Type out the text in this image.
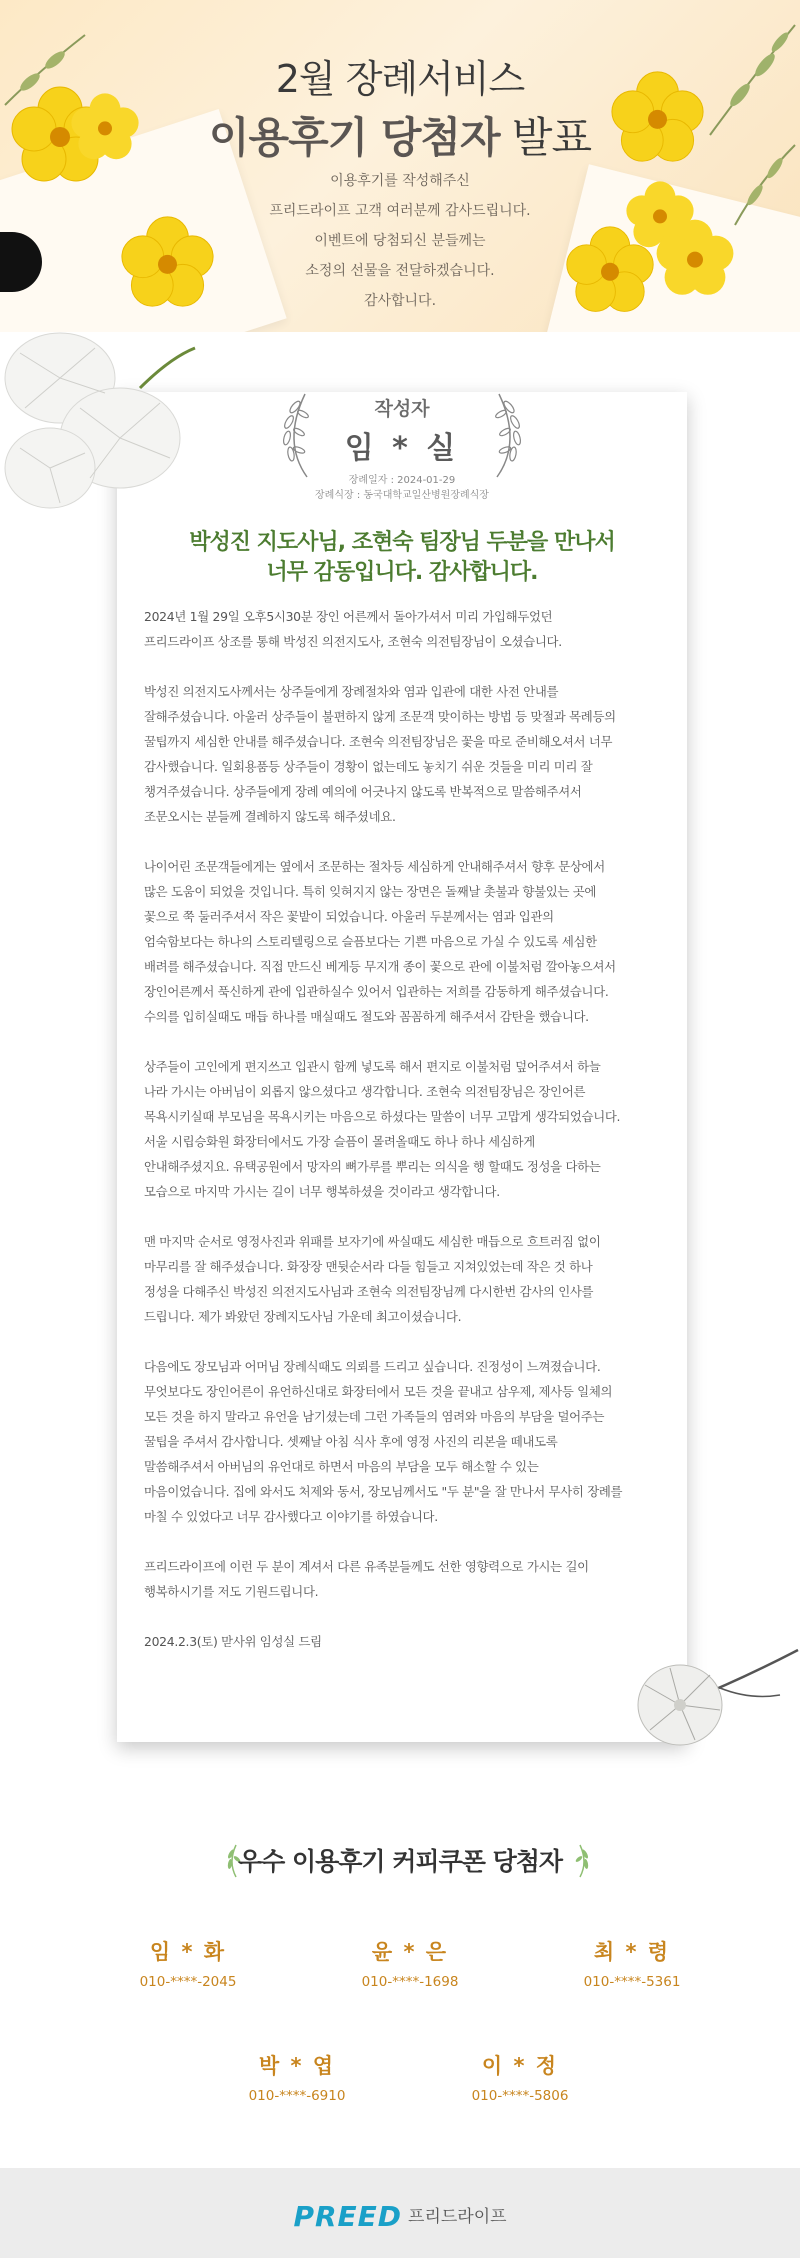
2월 장례서비스
이용후기 당첨자 발표
이용후기를 작성해주신
프리드라이프 고객 여러분께 감사드립니다.
이벤트에 당첨되신 분들께는
소정의 선물을 전달하겠습니다.
감사합니다.
작성자
임 * 실
장례일자 : 2024-01-29
장례식장 : 동국대학교일산병원장례식장
박성진 지도사님, 조현숙 팀장님 두분을 만나서
너무 감동입니다. 감사합니다.

2024년 1월 29일 오후5시30분 장인 어른께서 돌아가셔서 미리 가입해두었던
프리드라이프 상조를 통해 박성진 의전지도사, 조현숙 의전팀장님이 오셨습니다.

박성진 의전지도사께서는 상주들에게 장례절차와 염과 입관에 대한 사전 안내를
잘해주셨습니다. 아울러 상주들이 불편하지 않게 조문객 맞이하는 방법 등 맞절과 목례등의
꿀팁까지 세심한 안내를 해주셨습니다. 조현숙 의전팀장님은 꽃을 따로 준비해오셔서 너무
감사했습니다. 일회용품등 상주들이 경황이 없는데도 놓치기 쉬운 것들을 미리 미리 잘
챙겨주셨습니다. 상주들에게 장례 예의에 어긋나지 않도록 반복적으로 말씀해주셔서
조문오시는 분들께 결례하지 않도록 해주셨네요.

나이어린 조문객들에게는 옆에서 조문하는 절차등 세심하게 안내해주셔서 향후 문상에서
많은 도움이 되었을 것입니다. 특히 잊혀지지 않는 장면은 돌째날 촛불과 향불있는 곳에
꽃으로 쭉 둘러주셔서 작은 꽃밭이 되었습니다. 아울러 두분께서는 염과 입관의
엄숙함보다는 하나의 스토리텔링으로 슬픔보다는 기쁜 마음으로 가실 수 있도록 세심한
배려를 해주셨습니다. 직접 만드신 베게등 무지개 종이 꽃으로 관에 이불처럼 깔아놓으셔서
장인어른께서 푹신하게 관에 입관하실수 있어서 입관하는 저희를 감동하게 해주셨습니다.
수의를 입히실때도 매듭 하나를 매실때도 절도와 꼼꼼하게 해주셔서 감탄을 했습니다.

상주들이 고인에게 편지쓰고 입관시 함께 넣도록 해서 편지로 이불처럼 덮어주셔서 하늘
나라 가시는 아버님이 외롭지 않으셨다고 생각합니다. 조현숙 의전팀장님은 장인어른
목욕시키실때 부모님을 목욕시키는 마음으로 하셨다는 말씀이 너무 고맙게 생각되었습니다.
서울 시립승화원 화장터에서도 가장 슬픔이 몰려올때도 하나 하나 세심하게
안내해주셨지요. 유택공원에서 망자의 뼈가루를 뿌리는 의식을 행 할때도 정성을 다하는
모습으로 마지막 가시는 길이 너무 행복하셨을 것이라고 생각합니다.

맨 마지막 순서로 영정사진과 위패를 보자기에 싸실때도 세심한 매듭으로 흐트러짐 없이
마무리를 잘 해주셨습니다. 화장장 맨뒷순서라 다들 힘들고 지쳐있었는데 작은 것 하나
정성을 다해주신 박성진 의전지도사님과 조현숙 의전팀장님께 다시한번 감사의 인사를
드립니다. 제가 봐왔던 장례지도사님 가운데 최고이셨습니다.

다음에도 장모님과 어머님 장례식때도 의뢰를 드리고 싶습니다. 진정성이 느껴졌습니다.
무엇보다도 장인어른이 유언하신대로 화장터에서 모든 것을 끝내고 삼우제, 제사등 일체의
모든 것을 하지 말라고 유언을 남기셨는데 그런 가족들의 염려와 마음의 부담을 덜어주는
꿀팁을 주셔서 감사합니다. 셋째날 아침 식사 후에 영정 사진의 리본을 떼내도록
말씀해주셔서 아버님의 유언대로 하면서 마음의 부담을 모두 해소할 수 있는
마음이었습니다. 집에 와서도 처제와 동서, 장모님께서도 "두 분"을 잘 만나서 무사히 장례를
마칠 수 있었다고 너무 감사했다고 이야기를 하였습니다.

프리드라이프에 이런 두 분이 계셔서 다른 유족분들께도 선한 영향력으로 가시는 길이
행복하시기를 저도 기원드립니다.

2024.2.3(토) 맏사위 임성실 드림

우수 이용후기 커피쿠폰 당첨자
임 * 화
010-****-2045
윤 * 은
010-****-1698
최 * 령
010-****-5361
박 * 엽
010-****-6910
이 * 정
010-****-5806
PREED 프리드라이프
